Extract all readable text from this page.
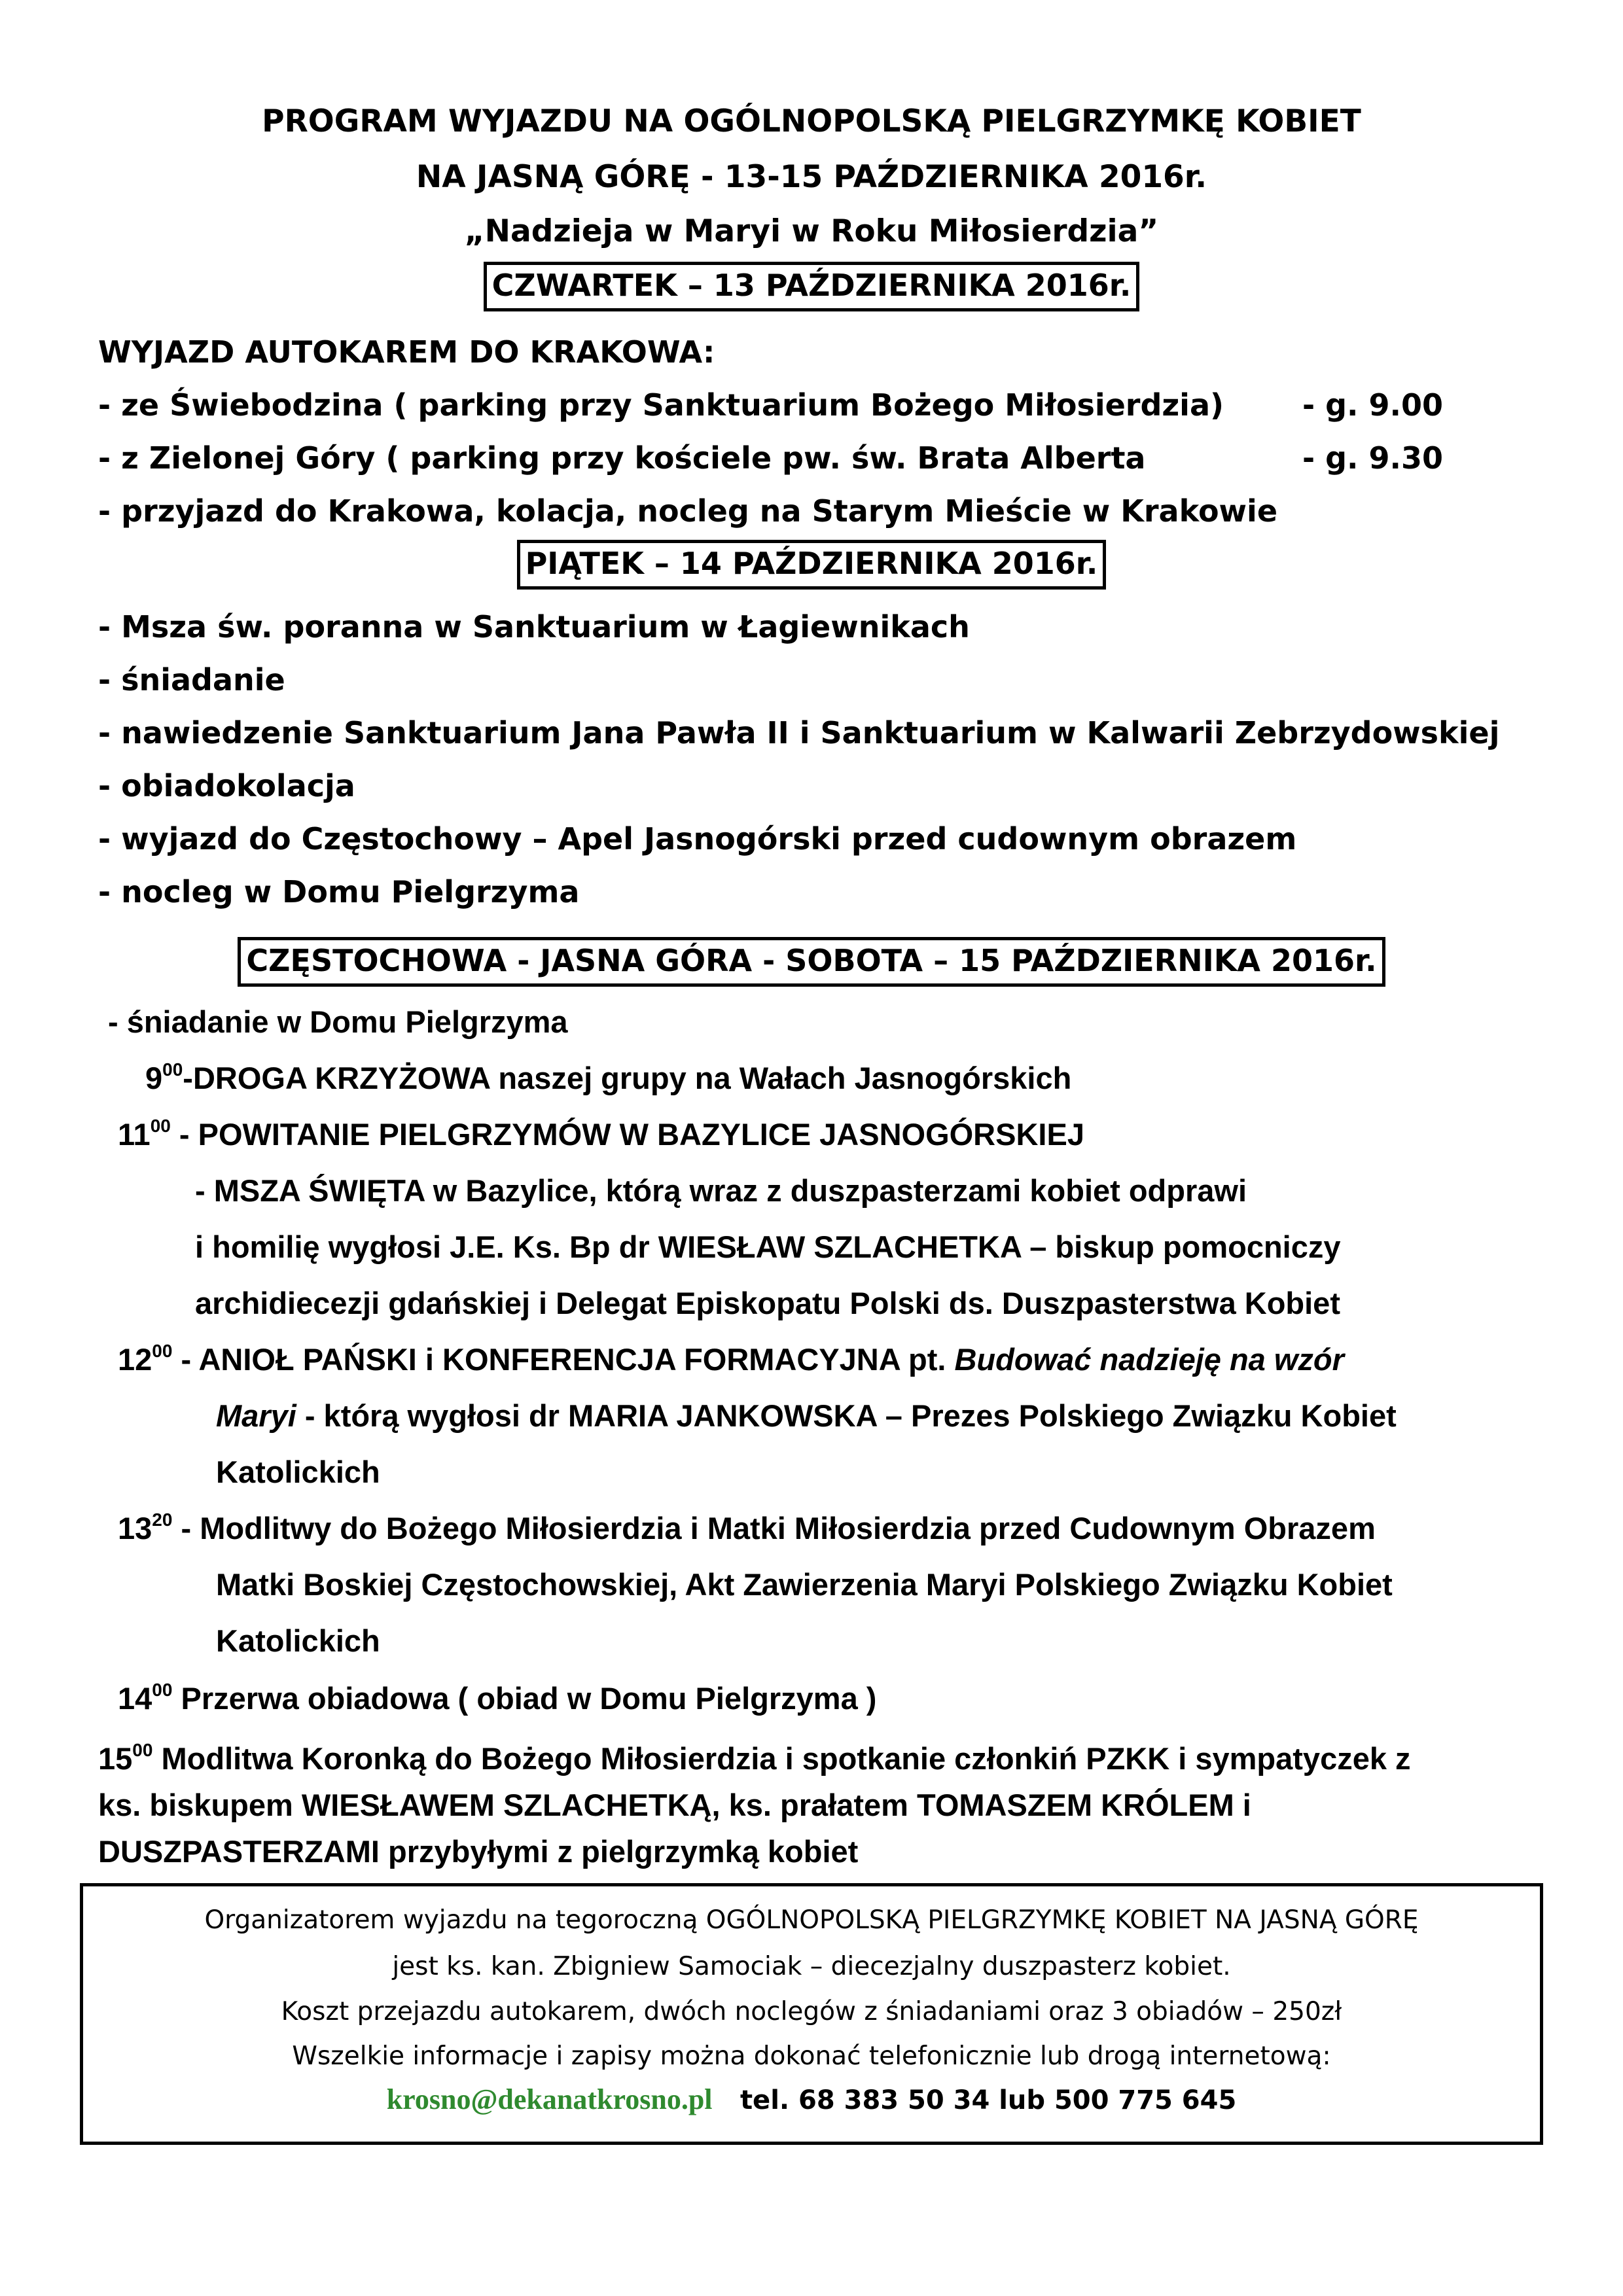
PROGRAM WYJAZDU NA OGÓLNOPOLSKĄ PIELGRZYMKĘ KOBIET
NA JASNĄ GÓRĘ - 13-15 PAŹDZIERNIKA 2016r.
„Nadzieja w Maryi w Roku Miłosierdzia”
CZWARTEK – 13 PAŹDZIERNIKA 2016r.
WYJAZD AUTOKAREM DO KRAKOWA:
- ze Świebodzina ( parking przy Sanktuarium Bożego Miłosierdzia)	- g. 9.00
- z Zielonej Góry ( parking przy kościele pw. św. Brata Alberta	- g. 9.30
- przyjazd do Krakowa, kolacja, nocleg na Starym Mieście w Krakowie
PIĄTEK – 14 PAŹDZIERNIKA 2016r.
- Msza św. poranna w Sanktuarium w Łagiewnikach
- śniadanie
- nawiedzenie Sanktuarium Jana Pawła II i Sanktuarium w Kalwarii Zebrzydowskiej
- obiadokolacja
- wyjazd do Częstochowy – Apel Jasnogórski przed cudownym obrazem
- nocleg w Domu Pielgrzyma
CZĘSTOCHOWA - JASNA GÓRA - SOBOTA – 15 PAŹDZIERNIKA 2016r.
- śniadanie w Domu Pielgrzyma
$9^{00}$-DROGA KRZYŻOWA naszej grupy na Wałach Jasnogórskich
$11^{00}$ - POWITANIE PIELGRZYMÓW W BAZYLICE JASNOGÓRSKIEJ
- MSZA ŚWIĘTA w Bazylice, którą wraz z duszpasterzami kobiet odprawi
i homilię wygłosi J.E. Ks. Bp dr WIESŁAW SZLACHETKA – biskup pomocniczy
archidiecezji gdańskiej i Delegat Episkopatu Polski ds. Duszpasterstwa Kobiet
$12^{00}$ - ANIOŁ PAŃSKI i KONFERENCJA FORMACYJNA pt. Budować nadzieję na wzór
Maryi - którą wygłosi dr MARIA JANKOWSKA – Prezes Polskiego Związku Kobiet
Katolickich
$13^{20}$ - Modlitwy do Bożego Miłosierdzia i Matki Miłosierdzia przed Cudownym Obrazem
Matki Boskiej Częstochowskiej, Akt Zawierzenia Maryi Polskiego Związku Kobiet
Katolickich
$14^{00}$ Przerwa obiadowa ( obiad w Domu Pielgrzyma )
$15^{00}$ Modlitwa Koronką do Bożego Miłosierdzia i spotkanie członkiń PZKK i sympatyczek z
ks. biskupem WIESŁAWEM SZLACHETKĄ, ks. prałatem TOMASZEM KRÓLEM i
DUSZPASTERZAMI przybyłymi z pielgrzymką kobiet
Organizatorem wyjazdu na tegoroczną OGÓLNOPOLSKĄ PIELGRZYMKĘ KOBIET NA JASNĄ GÓRĘ
jest ks. kan. Zbigniew Samociak – diecezjalny duszpasterz kobiet.
Koszt przejazdu autokarem, dwóch noclegów z śniadaniami oraz 3 obiadów – 250zł
Wszelkie informacje i zapisy można dokonać telefonicznie lub drogą internetową:
krosno@dekanatkrosno.pl tel. 68 383 50 34 lub 500 775 645
